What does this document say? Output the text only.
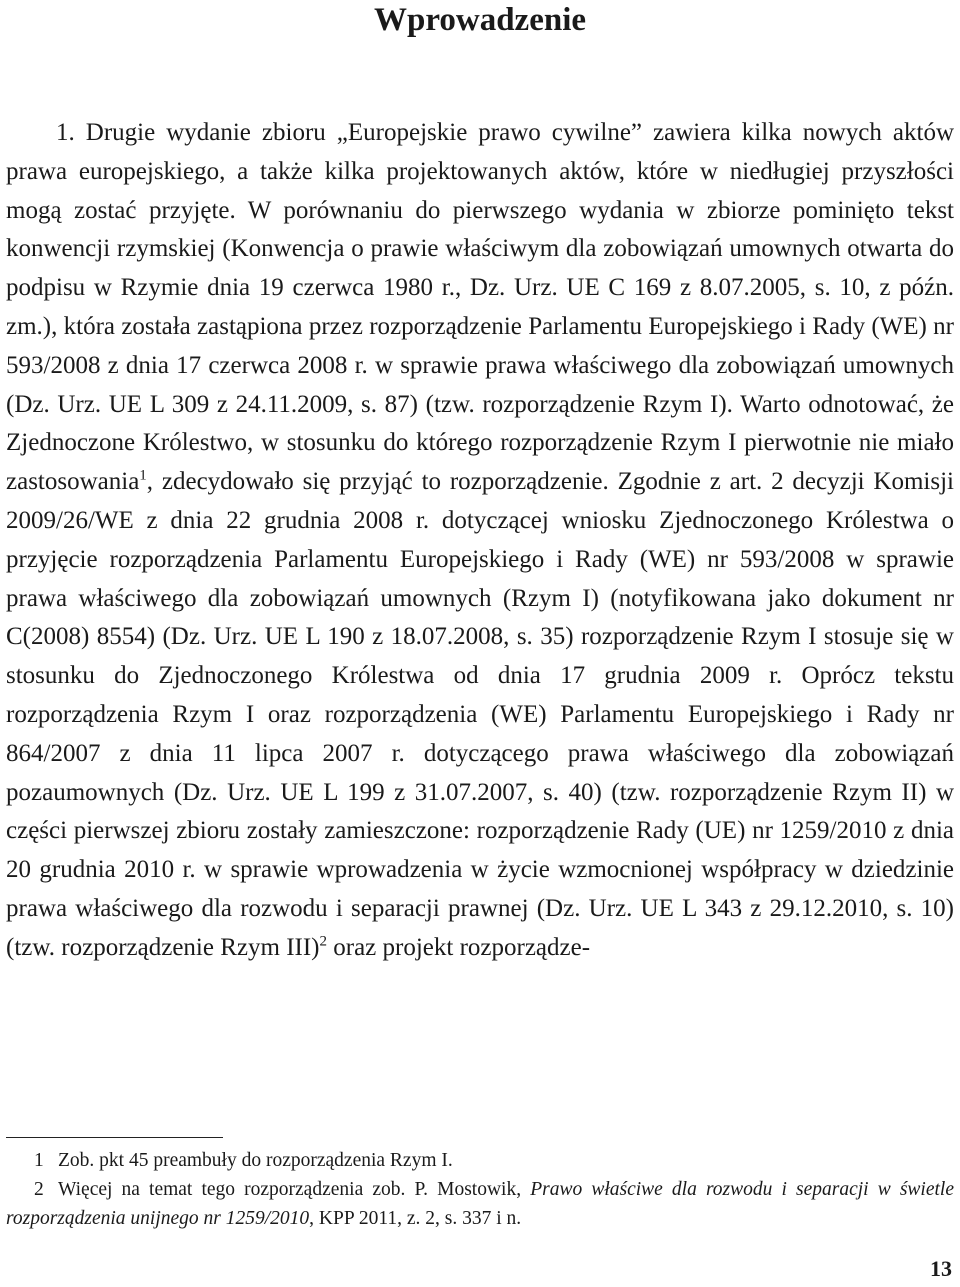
Wprowadzenie

1. Drugie wydanie zbioru „Europejskie prawo cywilne” zawiera kilka nowych aktów prawa europejskiego, a także kilka projektowanych aktów, które w niedługiej przyszłości mogą zostać przyjęte. W porównaniu do pierwszego wydania w zbiorze pominięto tekst konwencji rzymskiej (Konwencja o prawie właściwym dla zobowiązań umownych otwarta do podpisu w Rzymie dnia 19 czerwca 1980 r., Dz. Urz. UE C 169 z 8.07.2005, s. 10, z późn. zm.), która została zastąpiona przez rozporządzenie Parlamentu Europejskiego i Rady (WE) nr 593/2008 z dnia 17 czerwca 2008 r. w sprawie prawa właściwego dla zobowiązań umownych (Dz. Urz. UE L 309 z 24.11.2009, s. 87) (tzw. rozporządzenie Rzym I). Warto odnotować, że Zjednoczone Królestwo, w stosunku do którego rozporządzenie Rzym I pierwotnie nie miało zastosowania$^1$, zdecydowało się przyjąć to rozporządzenie. Zgodnie z art. 2 decyzji Komisji 2009/26/WE z dnia 22 grudnia 2008 r. dotyczącej wniosku Zjednoczonego Królestwa o przyjęcie rozporządzenia Parlamentu Europejskiego i Rady (WE) nr 593/2008 w sprawie prawa właściwego dla zobowiązań umownych (Rzym I) (notyfikowana jako dokument nr C(2008) 8554) (Dz. Urz. UE L 190 z 18.07.2008, s. 35) rozporządzenie Rzym I stosuje się w stosunku do Zjednoczonego Królestwa od dnia 17 grudnia 2009 r. Oprócz tekstu rozporządzenia Rzym I oraz rozporządzenia (WE) Parlamentu Europejskiego i Rady nr 864/2007 z dnia 11 lipca 2007 r. dotyczącego prawa właściwego dla zobowiązań pozaumownych (Dz. Urz. UE L 199 z 31.07.2007, s. 40) (tzw. rozporządzenie Rzym II) w części pierwszej zbioru zostały zamieszczone: rozporządzenie Rady (UE) nr 1259/2010 z dnia 20 grudnia 2010 r. w sprawie wprowadzenia w życie wzmocnionej współpracy w dziedzinie prawa właściwego dla rozwodu i separacji prawnej (Dz. Urz. UE L 343 z 29.12.2010, s. 10) (tzw. rozporządzenie Rzym III)$^2$ oraz projekt rozporządze-

1 Zob. pkt 45 preambuły do rozporządzenia Rzym I.

2 Więcej na temat tego rozporządzenia zob. P. Mostowik, Prawo właściwe dla rozwodu i separacji w świetle rozporządzenia unijnego nr 1259/2010, KPP 2011, z. 2, s. 337 i n.

13
